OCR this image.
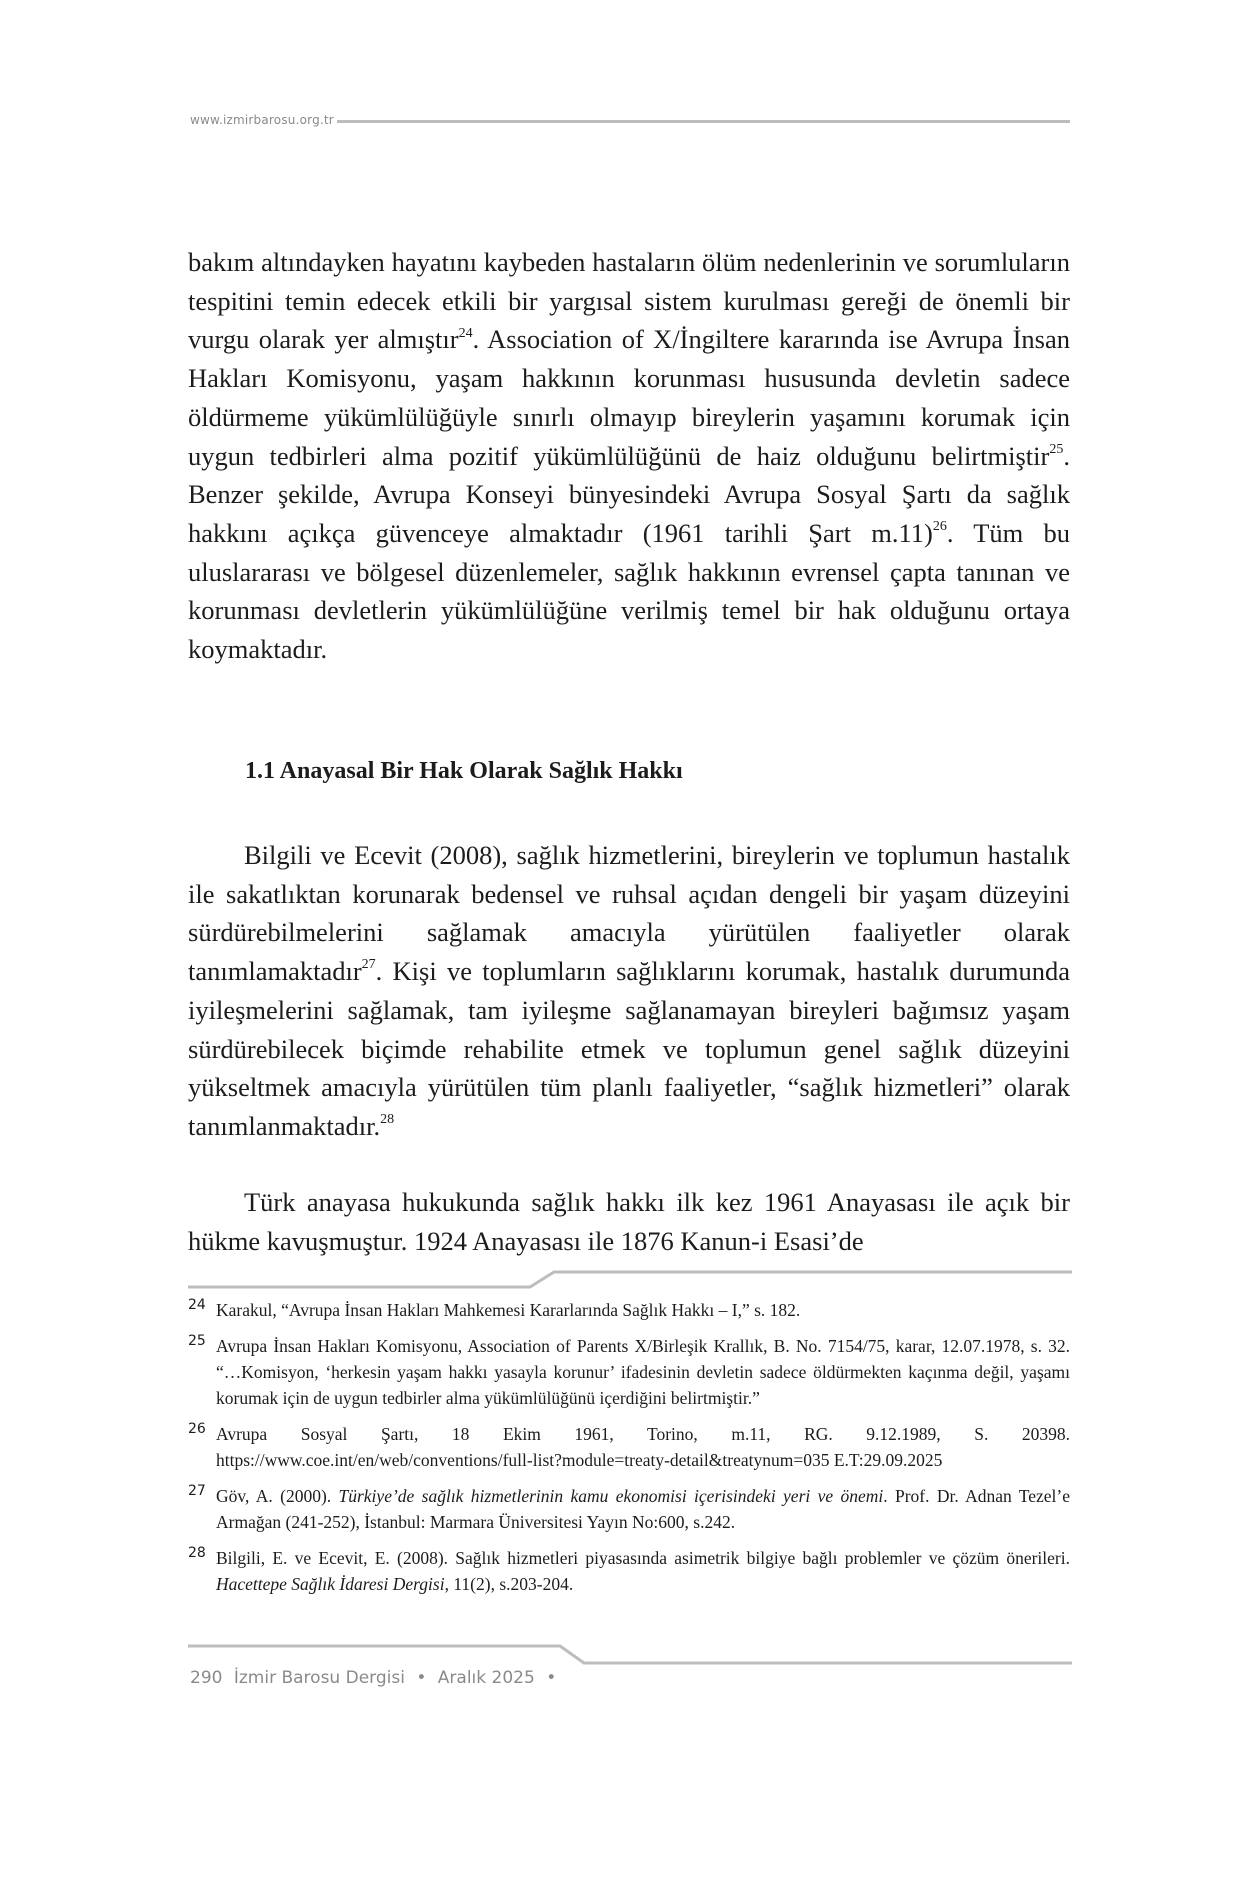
www.izmirbarosu.org.tr

bakım altındayken hayatını kaybeden hastaların ölüm nedenlerinin ve sorumluların tespitini temin edecek etkili bir yargısal sistem kurulması gereği de önemli bir vurgu olarak yer almıştır$^{24}$. Association of X/İngiltere kararında ise Avrupa İnsan Hakları Komisyonu, yaşam hakkının korunması hususunda devletin sadece öldürmeme yükümlülüğüyle sınırlı olmayıp bireylerin yaşamını korumak için uygun tedbirleri alma pozitif yükümlülüğünü de haiz olduğunu belirtmiştir$^{25}$. Benzer şekilde, Avrupa Konseyi bünyesindeki Avrupa Sosyal Şartı da sağlık hakkını açıkça güvenceye almaktadır (1961 tarihli Şart m.11)$^{26}$. Tüm bu uluslararası ve bölgesel düzenlemeler, sağlık hakkının evrensel çapta tanınan ve korunması devletlerin yükümlülüğüne verilmiş temel bir hak olduğunu ortaya koymaktadır.

1.1 Anayasal Bir Hak Olarak Sağlık Hakkı

Bilgili ve Ecevit (2008), sağlık hizmetlerini, bireylerin ve toplumun hastalık ile sakatlıktan korunarak bedensel ve ruhsal açıdan dengeli bir yaşam düzeyini sürdürebilmelerini sağlamak amacıyla yürütülen faaliyetler olarak tanımlamaktadır$^{27}$. Kişi ve toplumların sağlıklarını korumak, hastalık durumunda iyileşmelerini sağlamak, tam iyileşme sağlanamayan bireyleri bağımsız yaşam sürdürebilecek biçimde rehabilite etmek ve toplumun genel sağlık düzeyini yükseltmek amacıyla yürütülen tüm planlı faaliyetler, “sağlık hizmetleri” olarak tanımlanmaktadır.$^{28}$

Türk anayasa hukukunda sağlık hakkı ilk kez 1961 Anayasası ile açık bir hükme kavuşmuştur. 1924 Anayasası ile 1876 Kanun-i Esasi’de

24 Karakul, “Avrupa İnsan Hakları Mahkemesi Kararlarında Sağlık Hakkı – I,” s. 182.
25 Avrupa İnsan Hakları Komisyonu, Association of Parents X/Birleşik Krallık, B. No. 7154/75, karar, 12.07.1978, s. 32. “…Komisyon, ‘herkesin yaşam hakkı yasayla korunur’ ifadesinin devletin sadece öldürmekten kaçınma değil, yaşamı korumak için de uygun tedbirler alma yükümlülüğünü içerdiğini belirtmiştir.”
26 Avrupa Sosyal Şartı, 18 Ekim 1961, Torino, m.11, RG. 9.12.1989, S. 20398. https://www.coe.int/en/web/conventions/full-list?module=treaty-detail&treatynum=035 E.T:29.09.2025
27 Göv, A. (2000). Türkiye’de sağlık hizmetlerinin kamu ekonomisi içerisindeki yeri ve önemi. Prof. Dr. Adnan Tezel’e Armağan (241-252), İstanbul: Marmara Üniversitesi Yayın No:600, s.242.
28 Bilgili, E. ve Ecevit, E. (2008). Sağlık hizmetleri piyasasında asimetrik bilgiye bağlı problemler ve çözüm önerileri. Hacettepe Sağlık İdaresi Dergisi, 11(2), s.203-204.
290 İzmir Barosu Dergisi • Aralık 2025 •
